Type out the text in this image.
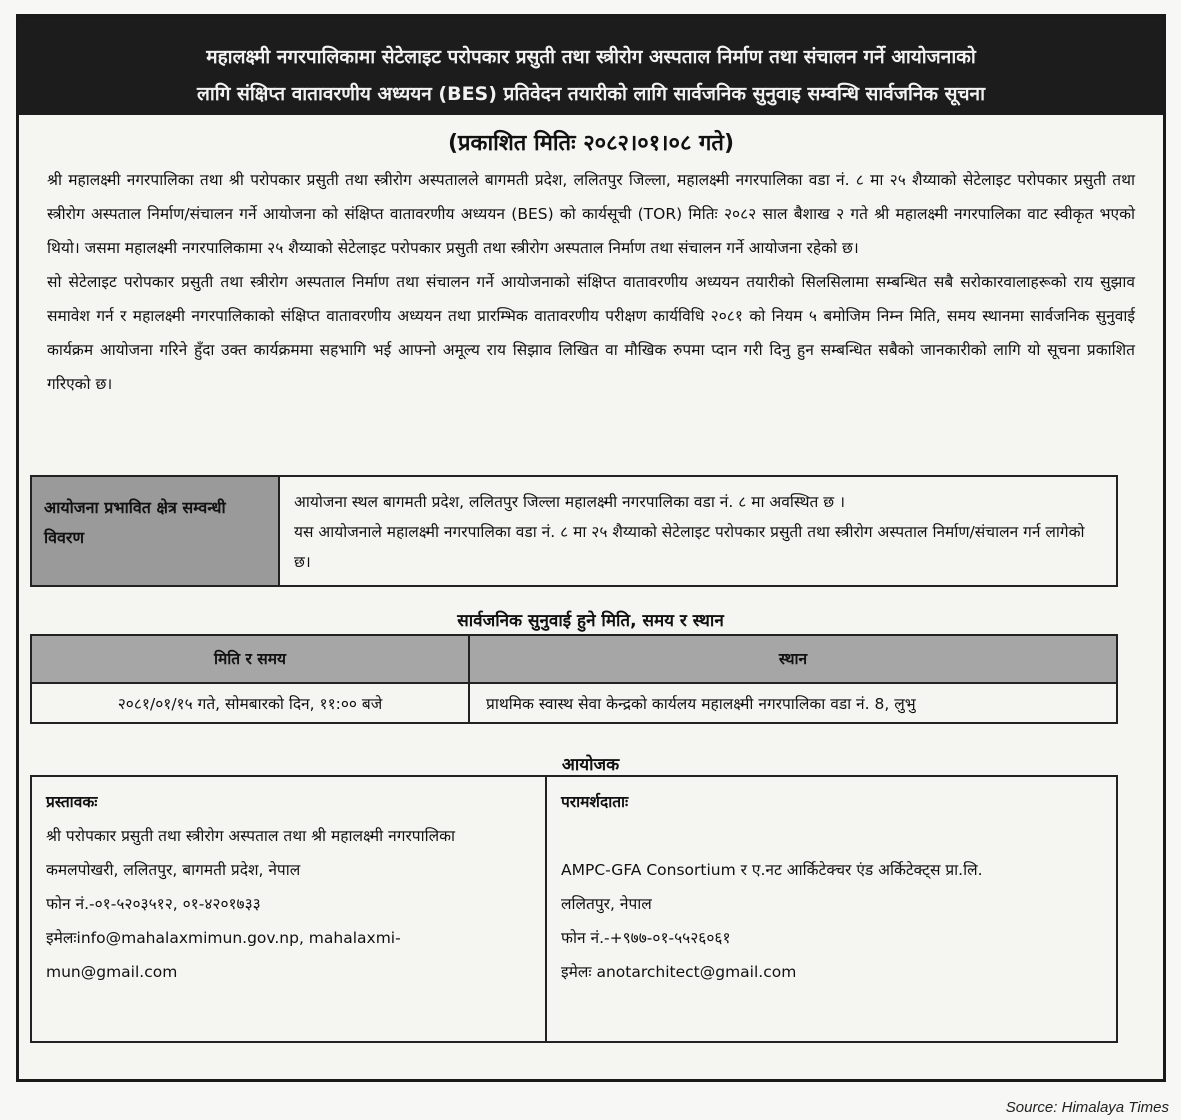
महालक्ष्मी नगरपालिकामा सेटेलाइट परोपकार प्रसुती तथा स्त्रीरोग अस्पताल निर्माण तथा संचालन गर्ने आयोजनाको
लागि संक्षिप्त वातावरणीय अध्ययन (BES) प्रतिवेदन तयारीको लागि सार्वजनिक सुनुवाइ सम्वन्धि सार्वजनिक सूचना
(प्रकाशित मितिः २०८२।०१।०८ गते)
श्री महालक्ष्मी नगरपालिका तथा श्री परोपकार प्रसुती तथा स्त्रीरोग अस्पतालले बागमती प्रदेश, ललितपुर जिल्ला, महालक्ष्मी नगरपालिका वडा नं. ८ मा २५ शैय्याको सेटेलाइट परोपकार प्रसुती तथा स्त्रीरोग अस्पताल निर्माण/संचालन गर्ने आयोजना को संक्षिप्त वातावरणीय अध्ययन (BES) को कार्यसूची (TOR) मितिः २०८२ साल बैशाख २ गते श्री महालक्ष्मी नगरपालिका वाट स्वीकृत भएको थियो। जसमा महालक्ष्मी नगरपालिकामा २५ शैय्याको सेटेलाइट परोपकार प्रसुती तथा स्त्रीरोग अस्पताल निर्माण तथा संचालन गर्ने आयोजना रहेको छ।
सो सेटेलाइट परोपकार प्रसुती तथा स्त्रीरोग अस्पताल निर्माण तथा संचालन गर्ने आयोजनाको संक्षिप्त वातावरणीय अध्ययन तयारीको सिलसिलामा सम्बन्धित सबै सरोकारवालाहरूको राय सुझाव समावेश गर्न र महालक्ष्मी नगरपालिकाको संक्षिप्त वातावरणीय अध्ययन तथा प्रारम्भिक वातावरणीय परीक्षण कार्यविधि २०८१ को नियम ५ बमोजिम निम्न मिति, समय स्थानमा सार्वजनिक सुनुवाई कार्यक्रम आयोजना गरिने हुँदा उक्त कार्यक्रममा सहभागि भई आफ्नो अमूल्य राय सिझाव लिखित वा मौखिक रुपमा प्दान गरी दिनु हुन सम्बन्धित सबैको जानकारीको लागि यो सूचना प्रकाशित गरिएको छ।
आयोजना प्रभावित क्षेत्र सम्वन्धी विवरण
आयोजना स्थल बागमती प्रदेश, ललितपुर जिल्ला महालक्ष्मी नगरपालिका वडा नं. ८ मा अवस्थित छ ।
यस आयोजनाले महालक्ष्मी नगरपालिका वडा नं. ८ मा २५ शैय्याको सेटेलाइट परोपकार प्रसुती तथा स्त्रीरोग अस्पताल निर्माण/संचालन गर्न लागेको छ।
सार्वजनिक सुनुवाई हुने मिति, समय र स्थान
मिति र समय	स्थान
२०८१/०१/१५ गते, सोमबारको दिन, ११:०० बजे	प्राथमिक स्वास्थ सेवा केन्द्रको कार्यलय महालक्ष्मी नगरपालिका वडा नं. 8, लुभु
आयोजक
प्रस्तावकः
श्री परोपकार प्रसुती तथा स्त्रीरोग अस्पताल तथा श्री महालक्ष्मी नगरपालिका
कमलपोखरी, ललितपुर, बागमती प्रदेश, नेपाल
फोन नं.-०१-५२०३५१२, ०१-४२०१७३३
इमेलःinfo@mahalaxmimun.gov.np, mahalaxmi-mun@gmail.com
परामर्शदाताः
AMPC-GFA Consortium र ए.नट आर्किटेक्चर एंड अर्किटेक्ट्स प्रा.लि.
ललितपुर, नेपाल
फोन नं.-+९७७-०१-५५२६०६१
इमेलः anotarchitect@gmail.com
Source: Himalaya Times
